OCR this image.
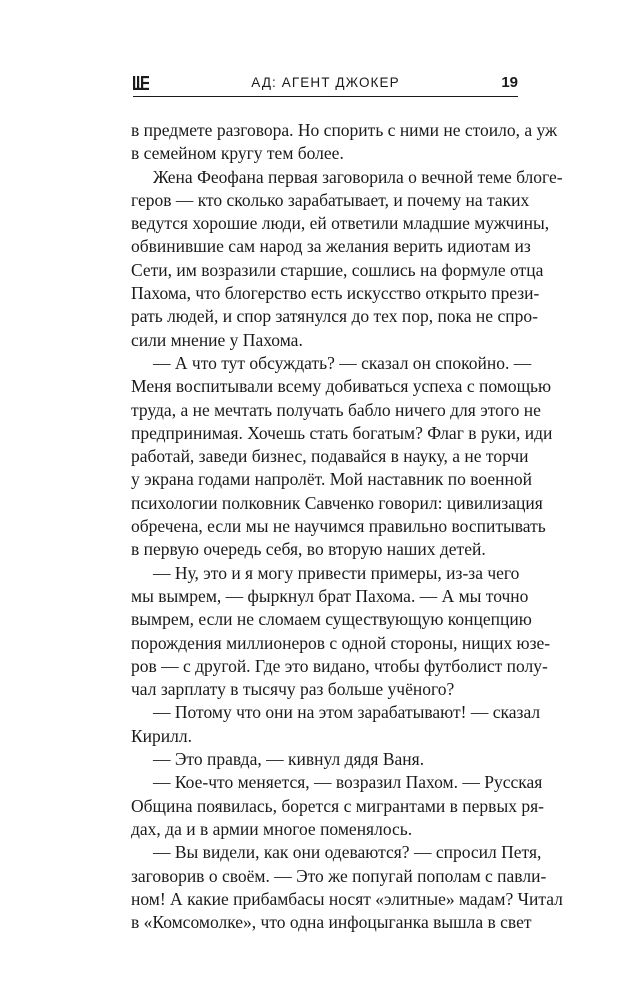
АД: АГЕНТ ДЖОКЕР	19
в предмете разговора. Но спорить с ними не стоило, а уж
в семейном кругу тем более.
Жена Феофана первая заговорила о вечной теме блоге-
геров — кто сколько зарабатывает, и почему на таких
ведутся хорошие люди, ей ответили младшие мужчины,
обвинившие сам народ за желания верить идиотам из
Сети, им возразили старшие, сошлись на формуле отца
Пахома, что блогерство есть искусство открыто прези-
рать людей, и спор затянулся до тех пор, пока не спро-
сили мнение у Пахома.
— А что тут обсуждать? — сказал он спокойно. —
Меня воспитывали всему добиваться успеха с помощью
труда, а не мечтать получать бабло ничего для этого не
предпринимая. Хочешь стать богатым? Флаг в руки, иди
работай, заведи бизнес, подавайся в науку, а не торчи
у экрана годами напролёт. Мой наставник по военной
психологии полковник Савченко говорил: цивилизация
обречена, если мы не научимся правильно воспитывать
в первую очередь себя, во вторую наших детей.
— Ну, это и я могу привести примеры, из-за чего
мы вымрем, — фыркнул брат Пахома. — А мы точно
вымрем, если не сломаем существующую концепцию
порождения миллионеров с одной стороны, нищих юзе-
ров — с другой. Где это видано, чтобы футболист полу-
чал зарплату в тысячу раз больше учёного?
— Потому что они на этом зарабатывают! — сказал
Кирилл.
— Это правда, — кивнул дядя Ваня.
— Кое-что меняется, — возразил Пахом. — Русская
Община появилась, борется с мигрантами в первых ря-
дах, да и в армии многое поменялось.
— Вы видели, как они одеваются? — спросил Петя,
заговорив о своём. — Это же попугай пополам с павли-
ном! А какие прибамбасы носят «элитные» мадам? Читал
в «Комсомолке», что одна инфоцыганка вышла в свет
